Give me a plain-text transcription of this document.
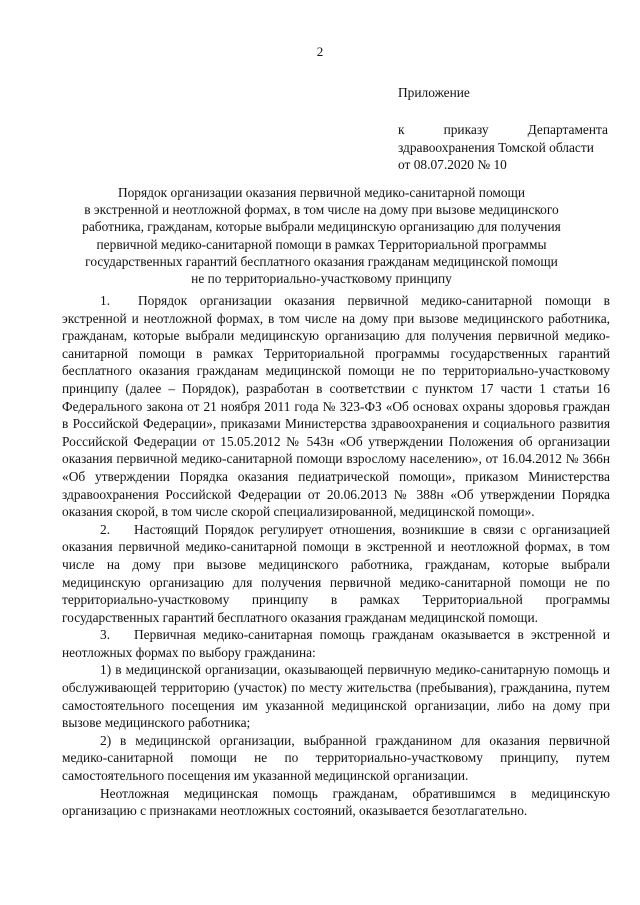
2
Приложение
к приказу Департамента
здравоохранения Томской области
от 08.07.2020 № 10
Порядок организации оказания первичной медико-санитарной помощи
в экстренной и неотложной формах, в том числе на дому при вызове медицинского
работника, гражданам, которые выбрали медицинскую организацию для получения
первичной медико-санитарной помощи в рамках Территориальной программы
государственных гарантий бесплатного оказания гражданам медицинской помощи
не по территориально-участковому принципу

1. Порядок организации оказания первичной медико-санитарной помощи в экстренной и неотложной формах, в том числе на дому при вызове медицинского работника, гражданам, которые выбрали медицинскую организацию для получения первичной медико-санитарной помощи в рамках Территориальной программы государственных гарантий бесплатного оказания гражданам медицинской помощи не по территориально-участковому принципу (далее – Порядок), разработан в соответствии с пунктом 17 части 1 статьи 16 Федерального закона от 21 ноября 2011 года № 323-ФЗ «Об основах охраны здоровья граждан в Российской Федерации», приказами Министерства здравоохранения и социального развития Российской Федерации от 15.05.2012 № 543н «Об утверждении Положения об организации оказания первичной медико-санитарной помощи взрослому населению», от 16.04.2012 № 366н «Об утверждении Порядка оказания педиатрической помощи», приказом Министерства здравоохранения Российской Федерации от 20.06.2013 № 388н «Об утверждении Порядка оказания скорой, в том числе скорой специализированной, медицинской помощи».

2. Настоящий Порядок регулирует отношения, возникшие в связи с организацией оказания первичной медико-санитарной помощи в экстренной и неотложной формах, в том числе на дому при вызове медицинского работника, гражданам, которые выбрали медицинскую организацию для получения первичной медико-санитарной помощи не по территориально-участковому принципу в рамках Территориальной программы государственных гарантий бесплатного оказания гражданам медицинской помощи.

3. Первичная медико-санитарная помощь гражданам оказывается в экстренной и неотложных формах по выбору гражданина:

1) в медицинской организации, оказывающей первичную медико-санитарную помощь и обслуживающей территорию (участок) по месту жительства (пребывания), гражданина, путем самостоятельного посещения им указанной медицинской организации, либо на дому при вызове медицинского работника;

2) в медицинской организации, выбранной гражданином для оказания первичной медико-санитарной помощи не по территориально-участковому принципу, путем самостоятельного посещения им указанной медицинской организации.

Неотложная медицинская помощь гражданам, обратившимся в медицинскую организацию с признаками неотложных состояний, оказывается безотлагательно.
